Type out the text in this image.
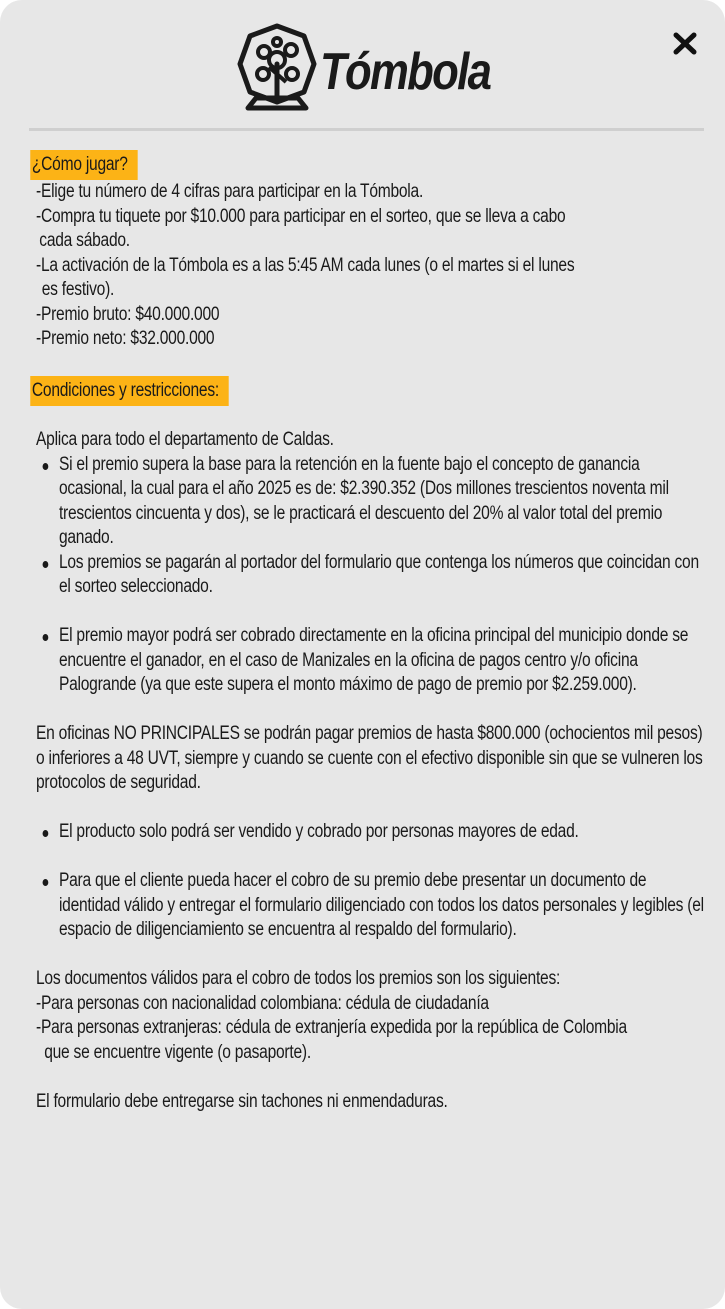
Tómbola
¿Cómo jugar?
-Elige tu número de 4 cifras para participar en la Tómbola.
-Compra tu tiquete por $10.000 para participar en el sorteo, que se lleva a cabo
cada sábado.
-La activación de la Tómbola es a las 5:45 AM cada lunes (o el martes si el lunes
es festivo).
-Premio bruto: $40.000.000
-Premio neto: $32.000.000
Condiciones y restricciones:
Aplica para todo el departamento de Caldas.
Si el premio supera la base para la retención en la fuente bajo el concepto de ganancia ocasional, la cual para el año 2025 es de: $2.390.352 (Dos millones trescientos noventa mil trescientos cincuenta y dos), se le practicará el descuento del 20% al valor total del premio ganado.
Los premios se pagarán al portador del formulario que contenga los números que coincidan con el sorteo seleccionado.
El premio mayor podrá ser cobrado directamente en la oficina principal del municipio donde se encuentre el ganador, en el caso de Manizales en la oficina de pagos centro y/o oficina Palogrande (ya que este supera el monto máximo de pago de premio por $2.259.000).
En oficinas NO PRINCIPALES se podrán pagar premios de hasta $800.000 (ochocientos mil pesos) o inferiores a 48 UVT, siempre y cuando se cuente con el efectivo disponible sin que se vulneren los protocolos de seguridad.
El producto solo podrá ser vendido y cobrado por personas mayores de edad.
Para que el cliente pueda hacer el cobro de su premio debe presentar un documento de identidad válido y entregar el formulario diligenciado con todos los datos personales y legibles (el espacio de diligenciamiento se encuentra al respaldo del formulario).
Los documentos válidos para el cobro de todos los premios son los siguientes:
-Para personas con nacionalidad colombiana: cédula de ciudadanía
-Para personas extranjeras: cédula de extranjería expedida por la república de Colombia
que se encuentre vigente (o pasaporte).
El formulario debe entregarse sin tachones ni enmendaduras.
